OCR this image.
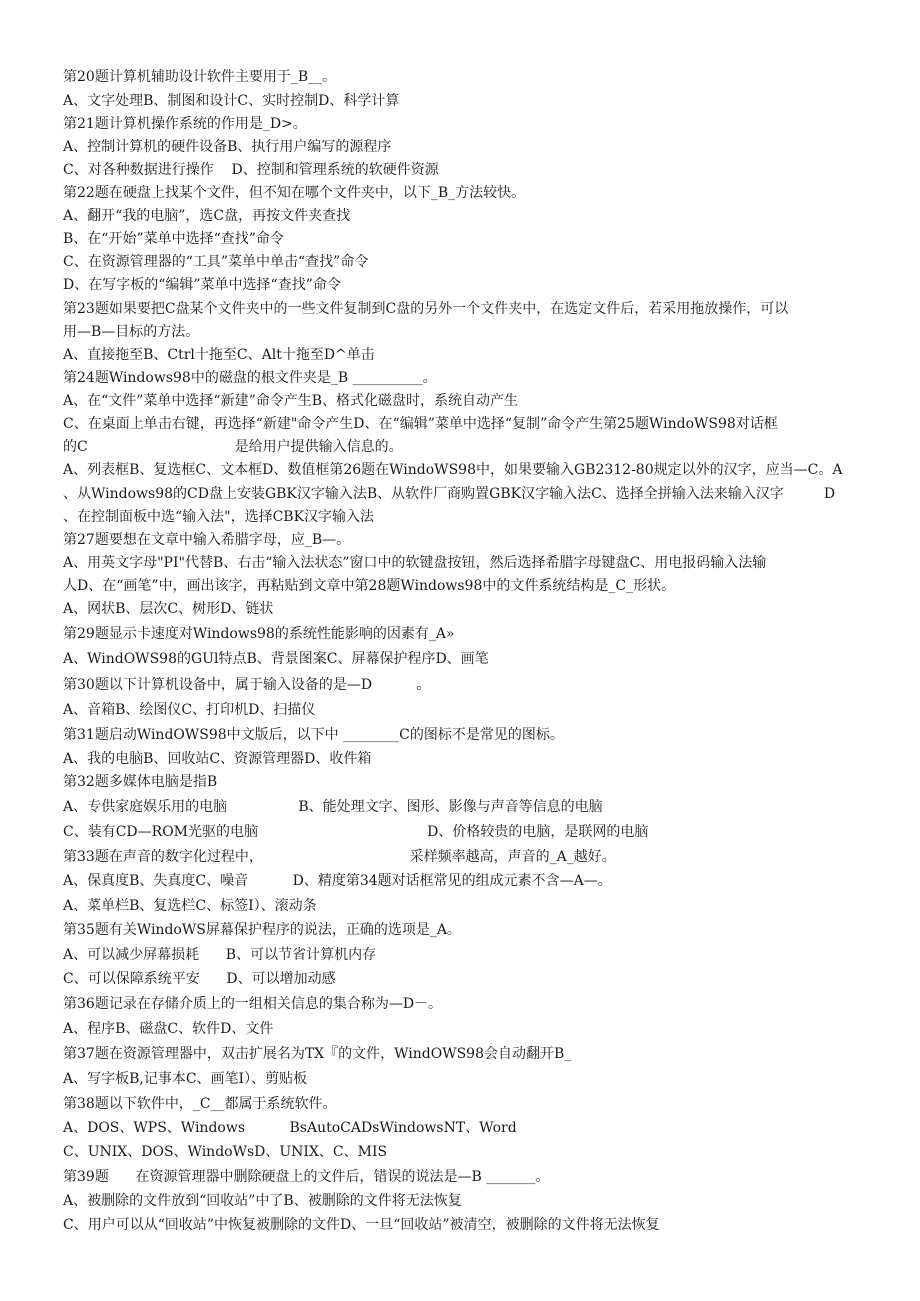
第20题计算机辅助设计软件主要用于_B__。
A、文字处理B、制图和设计C、实时控制D、科学计算
第21题计算机操作系统的作用是_D>。
A、控制计算机的硬件设备B、执行用户编写的源程序
C、对各种数据进行操作    D、控制和管理系统的软硬件资源
第22题在硬盘上找某个文件，但不知在哪个文件夹中，以下_B_方法较快。
A、翻开“我的电脑”，选C盘，再按文件夹查找
B、在“开始”菜单中选择“查找”命令
C、在资源管理器的“工具”菜单中单击“查找”命令
D、在写字板的“编辑”菜单中选择“查找”命令
第23题如果要把C盘某个文件夹中的一些文件复制到C盘的另外一个文件夹中，在选定文件后，若采用拖放操作，可以
用—B—目标的方法。
A、直接拖至B、Ctrl十拖至C、Alt十拖至D^单击
第24题Windows98中的磁盘的根文件夹是_B __________。
A、在“文件”菜单中选择“新建”命令产生B、格式化磁盘时，系统自动产生
C、在桌面上单击右键，再选择“新建"命令产生D、在“编辑”菜单中选择“复制”命令产生第25题WindoWS98对话框
的C                                 是给用户提供输入信息的。
A、列表框B、复选框C、文本框D、数值框第26题在WindoWS98中，如果要输入GB2312-80规定以外的汉字，应当—C。A
、从Windows98的CD盘上安装GBK汉字输入法B、从软件厂商购置GBK汉字输入法C、选择全拼输入法来输入汉字         D
、在控制面板中选“输入法"，选择CBK汉字输入法
第27题要想在文章中输入希腊字母，应_B—。
A、用英文字母"PI"代替B、右击“输入法状态”窗口中的软键盘按钮，然后选择希腊字母键盘C、用电报码输入法输
人D、在“画笔”中，画出该字，再粘贴到文章中第28题Windows98中的文件系统结构是_C_形状。
A、网状B、层次C、树形D、链状
第29题显示卡速度对Windows98的系统性能影响的因素有_A»
A、WindOWS98的GUl特点B、背景图案C、屏幕保护程序D、画笔
第30题以下计算机设备中，属于输入设备的是—D          。
A、音箱B、绘图仪C、打印机D、扫描仪
第31题启动WindOWS98中文版后，以下中 ________C的图标不是常见的图标。
A、我的电脑B、回收站C、资源管理器D、收件箱
第32题多媒体电脑是指B
A、专供家庭娱乐用的电脑                B、能处理文字、图形、影像与声音等信息的电脑
C、装有CD—ROM光驱的电脑                                      D、价格较贵的电脑，是联网的电脑
第33题在声音的数字化过程中，                                 采样频率越高，声音的_A_越好。
A、保真度B、失真度C、噪音          D、精度第34题对话框常见的组成元素不含—A—。
A、菜单栏B、复选栏C、标签I）、滚动条
第35题有关WindoWS屏幕保护程序的说法，正确的选项是_A。
A、可以减少屏幕损耗      B、可以节省计算机内存
C、可以保障系统平安      D、可以增加动感
第36题记录在存储介质上的一组相关信息的集合称为—D－。
A、程序B、磁盘C、软件D、文件
第37题在资源管理器中，双击扩展名为TX『的文件，WindOWS98会自动翻开B_
A、写字板B,记事本C、画笔I）、剪贴板
第38题以下软件中，_C__都属于系统软件。
A、DOS、WPS、Windows          BsAutoCADsWindowsNT、Word
C、UNIX、DOS、WindoWsD、UNIX、C、MIS
第39题      在资源管理器中删除硬盘上的文件后，错误的说法是—B _______。
A、被删除的文件放到“回收站”中了B、被删除的文件将无法恢复
C、用户可以从“回收站”中恢复被删除的文件D、一旦“回收站”被清空，被删除的文件将无法恢复
